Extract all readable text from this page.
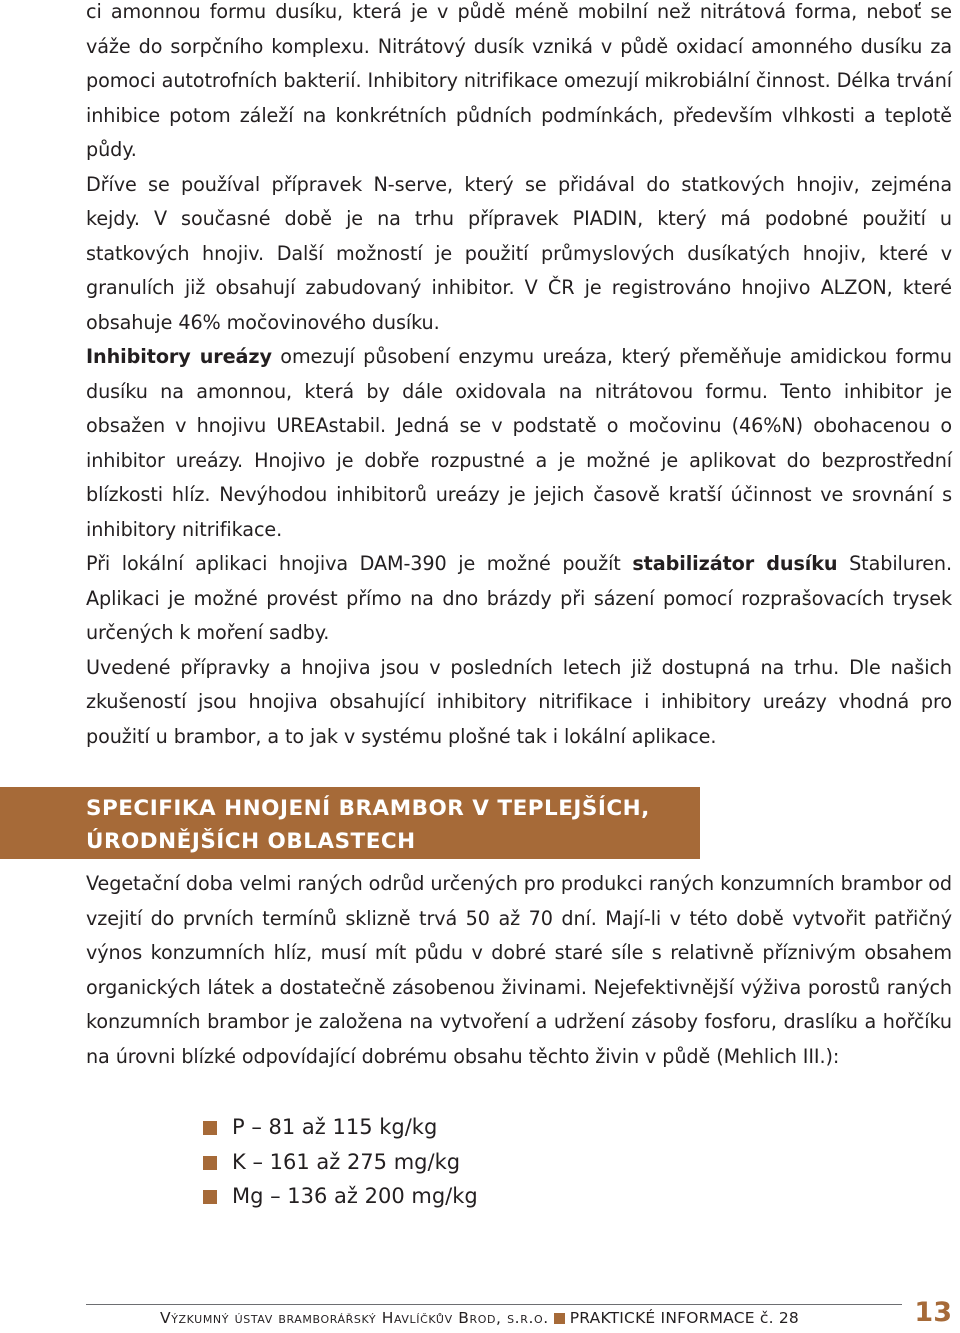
ci amonnou formu dusíku, která je v půdě méně mobilní než nitrátová forma, neboť se váže do sorpčního komplexu. Nitrátový dusík vzniká v půdě oxidací amonného dusíku za pomoci autotrofních bakterií. Inhibitory nitrifikace omezují mikrobiální činnost. Délka trvání inhibice potom záleží na konkrétních půdních podmínkách, především vlhkosti a teplotě půdy.

Dříve se používal přípravek N-serve, který se přidával do statkových hnojiv, zejména kejdy. V současné době je na trhu přípravek PIADIN, který má podobné použití u statkových hnojiv. Další možností je použití průmyslových dusíkatých hnojiv, které v granulích již obsahují zabudovaný inhibitor. V ČR je registrováno hnojivo ALZON, které obsahuje 46% močovinového dusíku.

Inhibitory ureázy omezují působení enzymu ureáza, který přeměňuje amidickou formu dusíku na amonnou, která by dále oxidovala na nitrátovou formu. Tento inhibitor je obsažen v hnojivu UREAstabil. Jedná se v podstatě o močovinu (46%N) obohacenou o inhibitor ureázy. Hnojivo je dobře rozpustné a je možné je aplikovat do bezprostřední blízkosti hlíz. Nevýhodou inhibitorů ureázy je jejich časově kratší účinnost ve srovnání s inhibitory nitrifikace.

Při lokální aplikaci hnojiva DAM-390 je možné použít stabilizátor dusíku Stabiluren. Aplikaci je možné provést přímo na dno brázdy při sázení pomocí rozprašovacích trysek určených k moření sadby.

Uvedené přípravky a hnojiva jsou v posledních letech již dostupná na trhu. Dle našich zkušeností jsou hnojiva obsahující inhibitory nitrifikace i inhibitory ureázy vhodná pro použití u brambor, a to jak v systému plošné tak i lokální aplikace.

SPECIFIKA HNOJENÍ BRAMBOR V TEPLEJŠÍCH,
ÚRODNĚJŠÍCH OBLASTECH

Vegetační doba velmi raných odrůd určených pro produkci raných konzumních brambor od vzejití do prvních termínů sklizně trvá 50 až 70 dní. Mají-li v této době vytvořit patřičný výnos konzumních hlíz, musí mít půdu v dobré staré síle s relativně příznivým obsahem organických látek a dostatečně zásobenou živinami. Nejefektivnější výživa porostů raných konzumních brambor je založena na vytvoření a udržení zásoby fosforu, draslíku a hořčíku na úrovni blízké odpovídající dobrému obsahu těchto živin v půdě (Mehlich III.):

P – 81 až 115 kg/kg
K – 161 až 275 mg/kg
Mg – 136 až 200 mg/kg
Výzkumný ústav bramborářský Havlíčkův Brod, s.r.o. PRAKTICKÉ INFORMACE č. 28	13
